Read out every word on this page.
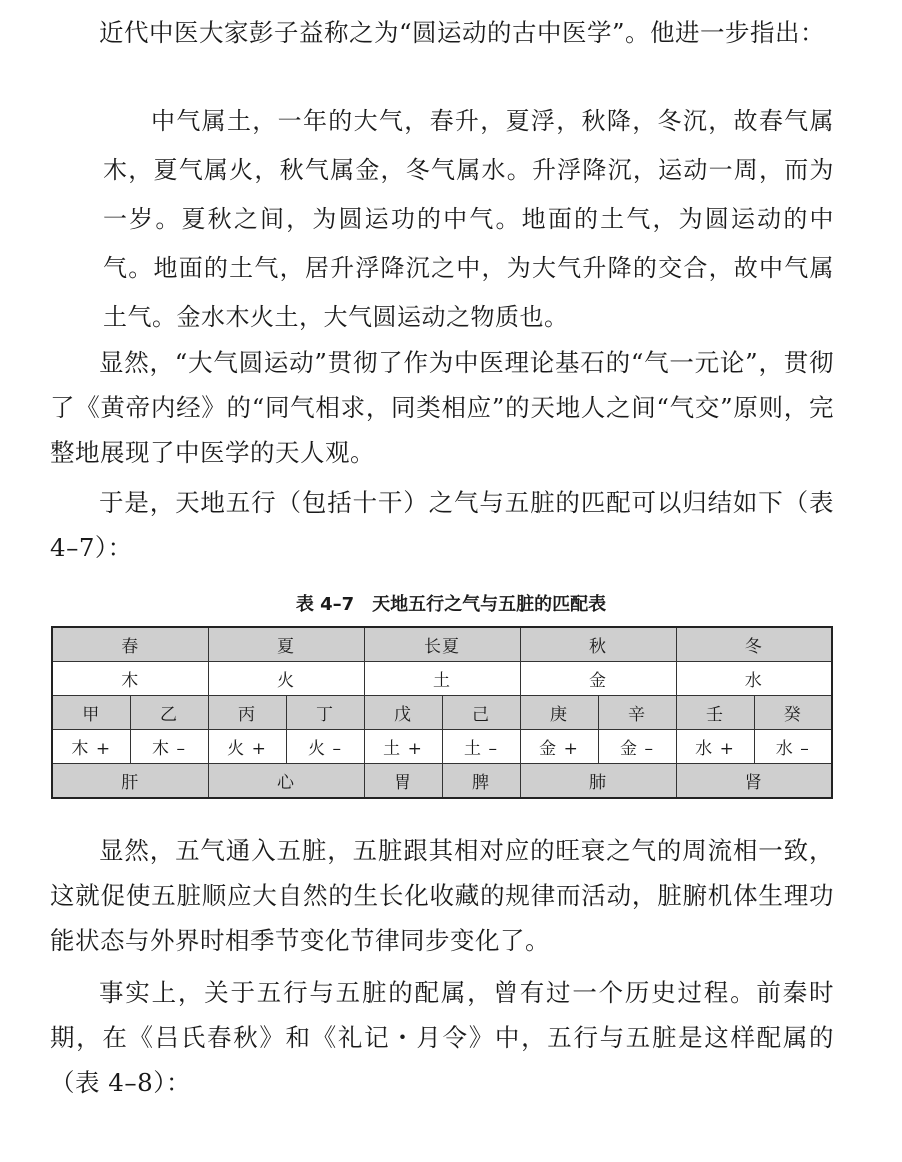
近代中医大家彭子益称之为“圆运动的古中医学”。他进一步指出：

中气属土，一年的大气，春升，夏浮，秋降，冬沉，故春气属木，夏气属火，秋气属金，冬气属水。升浮降沉，运动一周，而为一岁。夏秋之间，为圆运功的中气。地面的土气，为圆运动的中气。地面的土气，居升浮降沉之中，为大气升降的交合，故中气属土气。金水木火土，大气圆运动之物质也。

显然，“大气圆运动”贯彻了作为中医理论基石的“气一元论”，贯彻了《黄帝内经》的“同气相求，同类相应”的天地人之间“气交”原则，完整地展现了中医学的天人观。

于是，天地五行（包括十干）之气与五脏的匹配可以归结如下（表 4–7）：

表 4–7　天地五行之气与五脏的匹配表
春		夏		长夏		秋		冬	
木		火		土		金		水	
甲	乙	丙	丁	戊	己	庚	辛	壬	癸
木 +	木 –	火 +	火 –	土 +	土 –	金 +	金 –	水 +	水 –
肝		心		胃	脾	肺		肾	

显然，五气通入五脏，五脏跟其相对应的旺衰之气的周流相一致，这就促使五脏顺应大自然的生长化收藏的规律而活动，脏腑机体生理功能状态与外界时相季节变化节律同步变化了。

事实上，关于五行与五脏的配属，曾有过一个历史过程。前秦时期，在《吕氏春秋》和《礼记・月令》中，五行与五脏是这样配属的（表 4–8）：
